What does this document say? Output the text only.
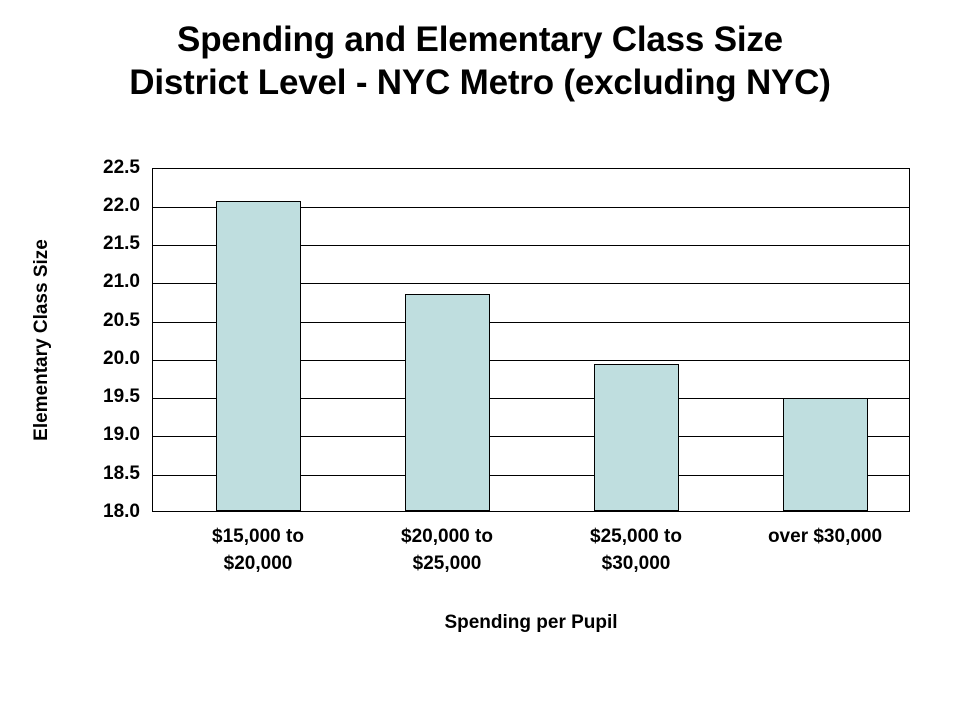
Spending and Elementary Class Size
District Level - NYC Metro (excluding NYC)
Elementary Class Size
22.5
22.0
21.5
21.0
20.5
20.0
19.5
19.0
18.5
18.0
$15,000 to
$20,000
$20,000 to
$25,000
$25,000 to
$30,000
over $30,000
Spending per Pupil
